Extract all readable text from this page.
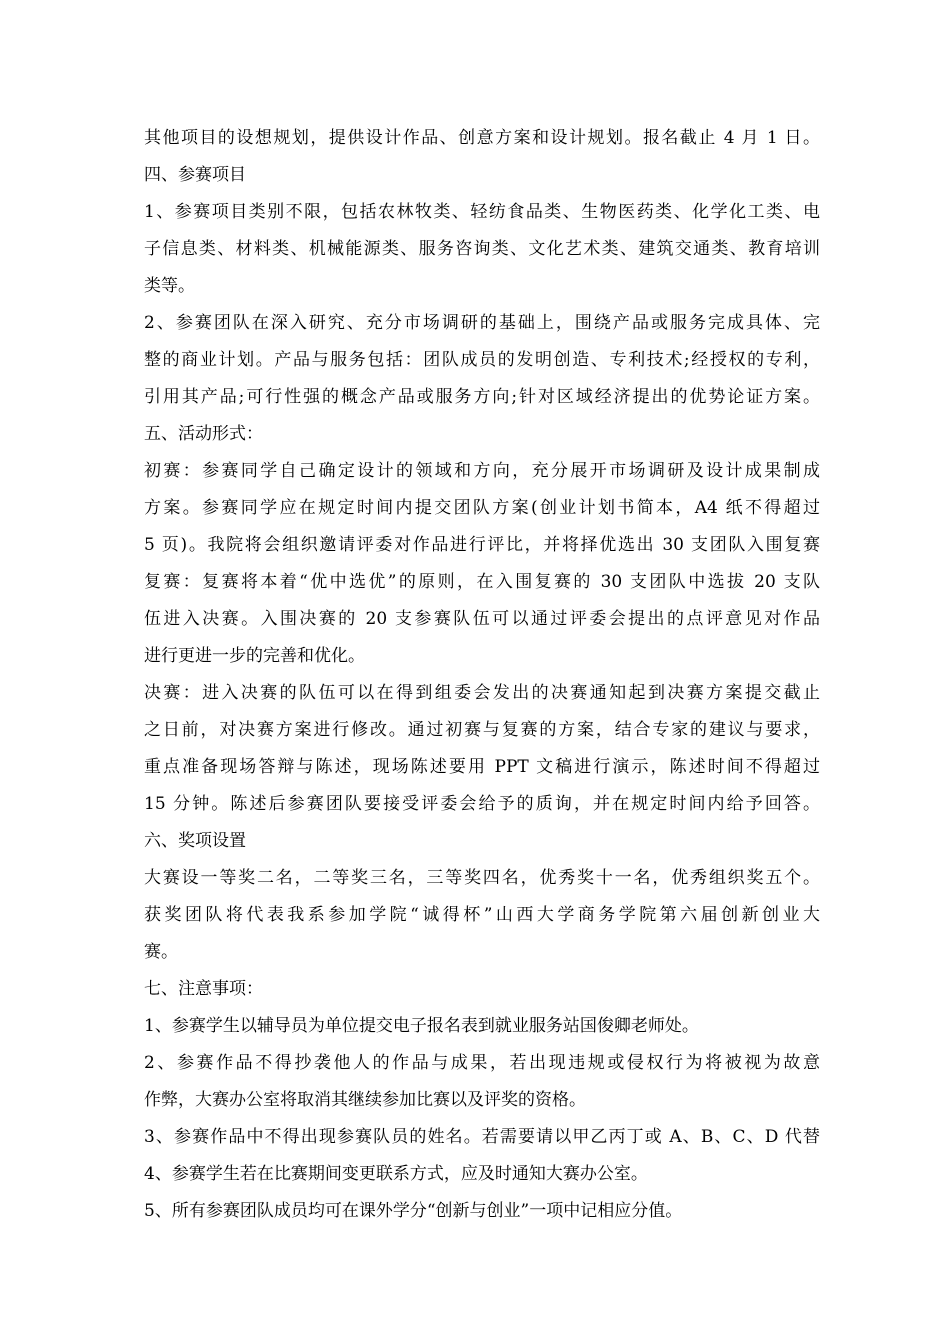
其他项目的设想规划，提供设计作品、创意方案和设计规划。报名截止 4 月 1 日。
四、参赛项目
1、参赛项目类别不限，包括农林牧类、轻纺食品类、生物医药类、化学化工类、电
子信息类、材料类、机械能源类、服务咨询类、文化艺术类、建筑交通类、教育培训
类等。
2、参赛团队在深入研究、充分市场调研的基础上，围绕产品或服务完成具体、完
整的商业计划。产品与服务包括：团队成员的发明创造、专利技术;经授权的专利，
引用其产品;可行性强的概念产品或服务方向;针对区域经济提出的优势论证方案。
五、活动形式：
初赛：参赛同学自己确定设计的领域和方向，充分展开市场调研及设计成果制成
方案。参赛同学应在规定时间内提交团队方案(创业计划书简本，A4 纸不得超过
5 页)。我院将会组织邀请评委对作品进行评比，并将择优选出 30 支团队入围复赛
复赛：复赛将本着“优中选优”的原则，在入围复赛的 30 支团队中选拔 20 支队
伍进入决赛。入围决赛的 20 支参赛队伍可以通过评委会提出的点评意见对作品
进行更进一步的完善和优化。
决赛：进入决赛的队伍可以在得到组委会发出的决赛通知起到决赛方案提交截止
之日前，对决赛方案进行修改。通过初赛与复赛的方案，结合专家的建议与要求，
重点准备现场答辩与陈述，现场陈述要用 PPT 文稿进行演示，陈述时间不得超过
15 分钟。陈述后参赛团队要接受评委会给予的质询，并在规定时间内给予回答。
六、奖项设置
大赛设一等奖二名，二等奖三名，三等奖四名，优秀奖十一名，优秀组织奖五个。
获奖团队将代表我系参加学院“诚得杯”山西大学商务学院第六届创新创业大
赛。
七、注意事项：
1、参赛学生以辅导员为单位提交电子报名表到就业服务站国俊卿老师处。
2、参赛作品不得抄袭他人的作品与成果，若出现违规或侵权行为将被视为故意
作弊，大赛办公室将取消其继续参加比赛以及评奖的资格。
3、参赛作品中不得出现参赛队员的姓名。若需要请以甲乙丙丁或 A、B、C、D 代替
4、参赛学生若在比赛期间变更联系方式，应及时通知大赛办公室。
5、所有参赛团队成员均可在课外学分“创新与创业”一项中记相应分值。
